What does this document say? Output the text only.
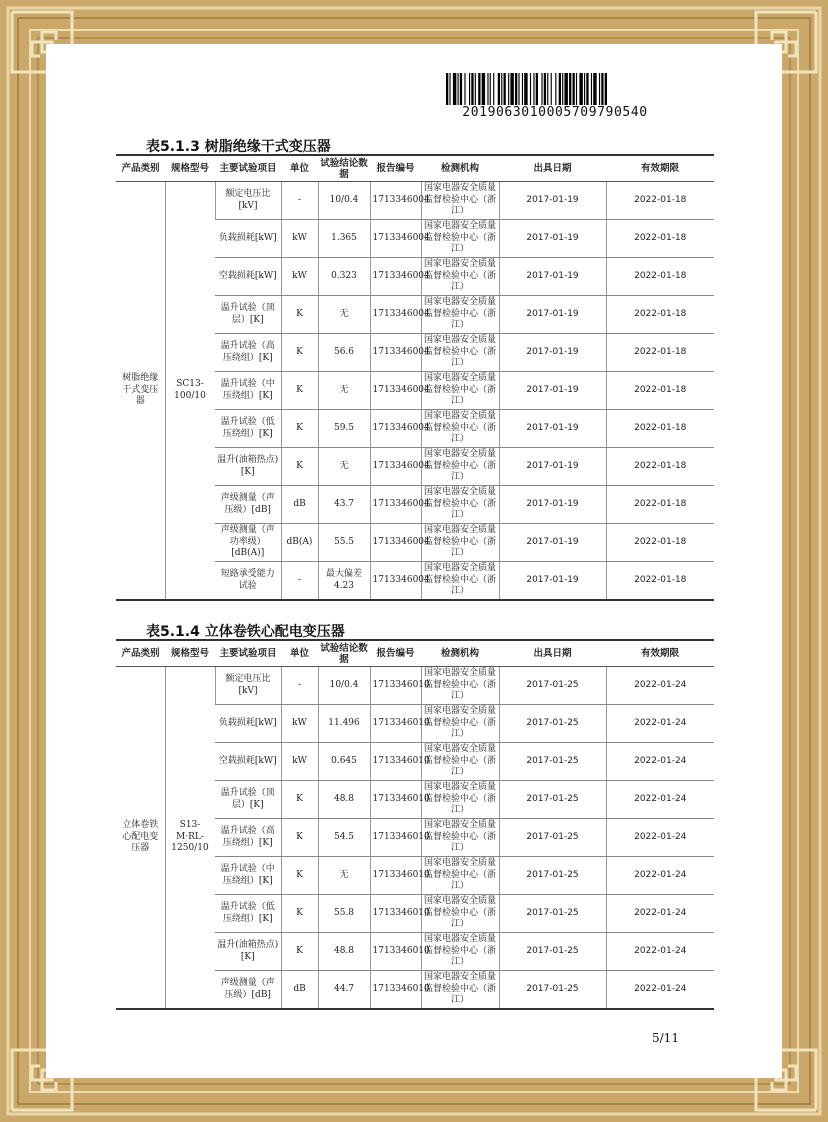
2019063010005709790540
表5.1.3 树脂绝缘干式变压器
产品类别	规格型号	主要试验项目	单位	试验结论数据	报告编号	检测机构	出具日期	有效期限
树脂绝缘干式变压器	SC13-100/10	额定电压比[kV]	-	10/0.4	1713346004	国家电器安全质量监督检验中心（浙江）	2017-01-19	2022-01-18
		负载损耗[kW]	kW	1.365	1713346004	国家电器安全质量监督检验中心（浙江）	2017-01-19	2022-01-18
		空载损耗[kW]	kW	0.323	1713346004	国家电器安全质量监督检验中心（浙江）	2017-01-19	2022-01-18
		温升试验（顶层）[K]	K	无	1713346004	国家电器安全质量监督检验中心（浙江）	2017-01-19	2022-01-18
		温升试验（高压绕组）[K]	K	56.6	1713346004	国家电器安全质量监督检验中心（浙江）	2017-01-19	2022-01-18
		温升试验（中压绕组）[K]	K	无	1713346004	国家电器安全质量监督检验中心（浙江）	2017-01-19	2022-01-18
		温升试验（低压绕组）[K]	K	59.5	1713346004	国家电器安全质量监督检验中心（浙江）	2017-01-19	2022-01-18
		温升(油箱热点)[K]	K	无	1713346004	国家电器安全质量监督检验中心（浙江）	2017-01-19	2022-01-18
		声级测量（声压级）[dB]	dB	43.7	1713346004	国家电器安全质量监督检验中心（浙江）	2017-01-19	2022-01-18
		声级测量（声功率级）[dB(A)]	dB(A)	55.5	1713346004	国家电器安全质量监督检验中心（浙江）	2017-01-19	2022-01-18
		短路承受能力试验	-	最大偏差4.23	1713346004	国家电器安全质量监督检验中心（浙江）	2017-01-19	2022-01-18
表5.1.4 立体卷铁心配电变压器
产品类别	规格型号	主要试验项目	单位	试验结论数据	报告编号	检测机构	出具日期	有效期限
立体卷铁心配电变压器	S13-M·RL-1250/10	额定电压比[kV]	-	10/0.4	1713346010	国家电器安全质量监督检验中心（浙江）	2017-01-25	2022-01-24
		负载损耗[kW]	kW	11.496	1713346010	国家电器安全质量监督检验中心（浙江）	2017-01-25	2022-01-24
		空载损耗[kW]	kW	0.645	1713346010	国家电器安全质量监督检验中心（浙江）	2017-01-25	2022-01-24
		温升试验（顶层）[K]	K	48.8	1713346010	国家电器安全质量监督检验中心（浙江）	2017-01-25	2022-01-24
		温升试验（高压绕组）[K]	K	54.5	1713346010	国家电器安全质量监督检验中心（浙江）	2017-01-25	2022-01-24
		温升试验（中压绕组）[K]	K	无	1713346010	国家电器安全质量监督检验中心（浙江）	2017-01-25	2022-01-24
		温升试验（低压绕组）[K]	K	55.8	1713346010	国家电器安全质量监督检验中心（浙江）	2017-01-25	2022-01-24
		温升(油箱热点)[K]	K	48.8	1713346010	国家电器安全质量监督检验中心（浙江）	2017-01-25	2022-01-24
		声级测量（声压级）[dB]	dB	44.7	1713346010	国家电器安全质量监督检验中心（浙江）	2017-01-25	2022-01-24
5/11
